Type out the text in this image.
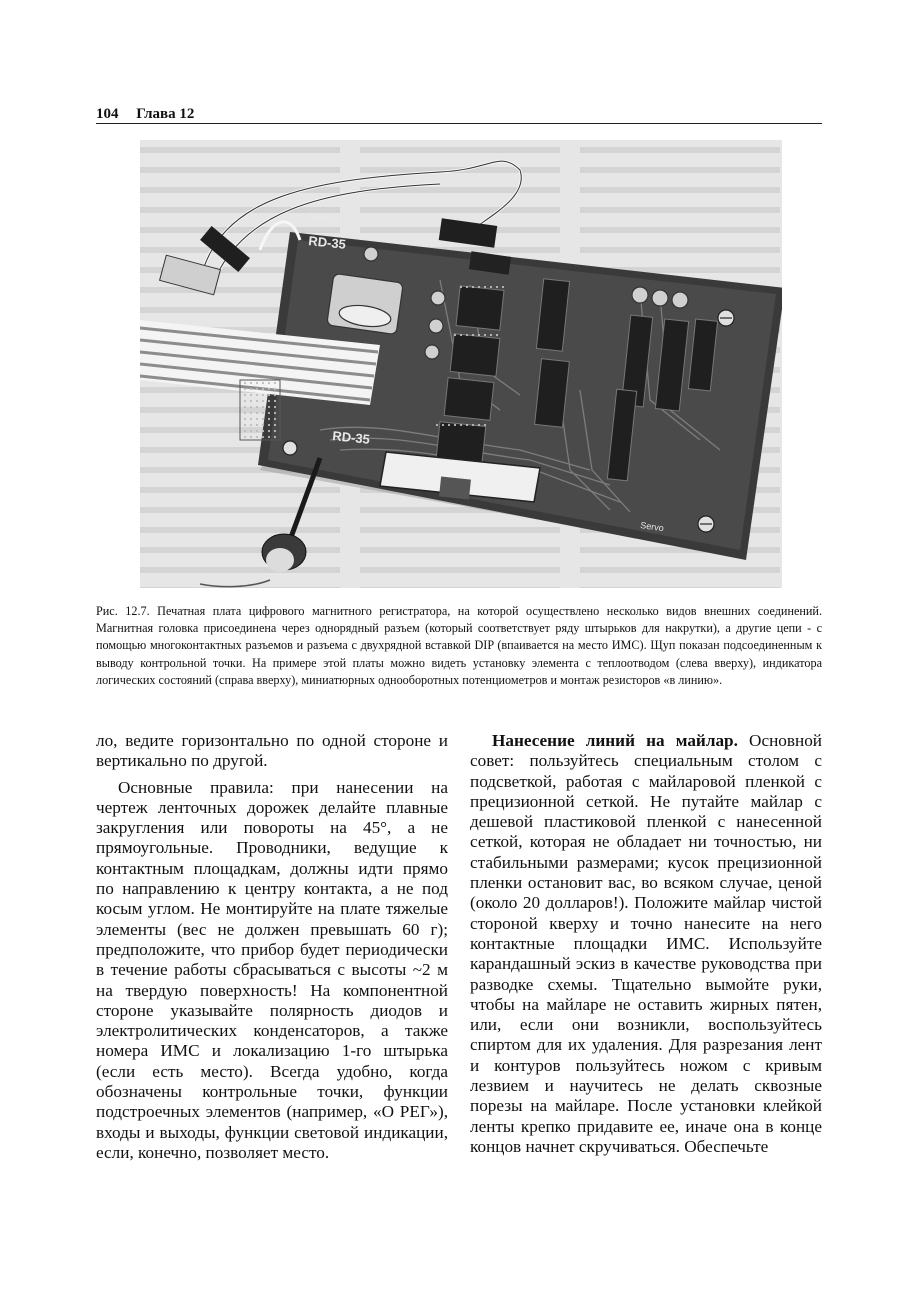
104 Глава 12
Servo
RD-35
RD-35
Servo
Рис. 12.7. Печатная плата цифрового магнитного регистратора, на которой осуществлено несколько видов внешних соединений. Магнитная головка присоединена через однорядный разъем (который соответствует ряду штырьков для накрутки), а другие цепи - с помощью многоконтактных разъемов и разъема с двухрядной вставкой DIP (впаивается на место ИМС). Щуп показан подсоединенным к выводу контрольной точки. На примере этой платы можно видеть установку элемента с теплоотводом (слева вверху), индикатора логических состояний (справа вверху), миниатюрных однооборотных потенциометров и монтаж резисторов «в линию».

ло, ведите горизонтально по одной стороне и вертикально по другой.

Основные правила: при нанесении на чертеж ленточных дорожек делайте плавные закругления или повороты на 45°, а не прямоугольные. Проводники, ведущие к контактным площадкам, должны идти прямо по направлению к центру контакта, а не под косым углом. Не монтируйте на плате тяжелые элементы (вес не должен превышать 60 г); предположите, что прибор будет периодически в течение работы сбрасываться с высоты ~2 м на твердую поверхность! На компонентной стороне указывайте полярность диодов и электролитических конденсаторов, а также номера ИМС и локализацию 1-го штырька (если есть место). Всегда удобно, когда обозначены контрольные точки, функции подстроечных элементов (например, «О РЕГ»), входы и выходы, функции световой индикации, если, конечно, позволяет место.

Нанесение линий на майлар. Основной совет: пользуйтесь специальным столом с подсветкой, работая с майларовой пленкой с прецизионной сеткой. Не путайте майлар с дешевой пластиковой пленкой с нанесенной сеткой, которая не обладает ни точностью, ни стабильными размерами; кусок прецизионной пленки остановит вас, во всяком случае, ценой (около 20 долларов!). Положите майлар чистой стороной кверху и точно нанесите на него контактные площадки ИМС. Используйте карандашный эскиз в качестве руководства при разводке схемы. Тщательно вымойте руки, чтобы на майларе не оставить жирных пятен, или, если они возникли, воспользуйтесь спиртом для их удаления. Для разрезания лент и контуров пользуйтесь ножом с кривым лезвием и научитесь не делать сквозные порезы на майларе. После установки клейкой ленты крепко придавите ее, иначе она в конце концов начнет скручиваться. Обеспечьте
